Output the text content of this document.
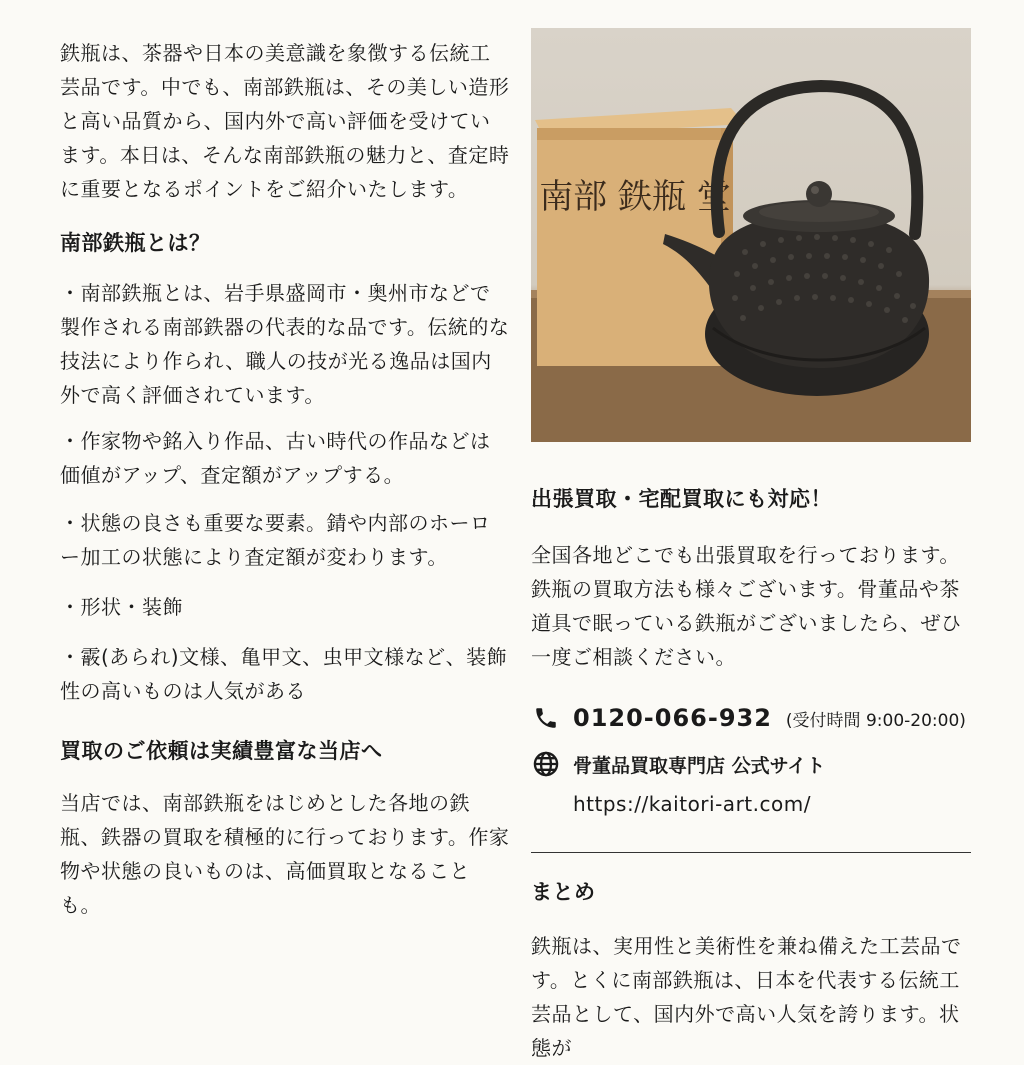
鉄瓶は、茶器や日本の美意識を象徴する伝統工芸品です。中でも、南部鉄瓶は、その美しい造形と高い品質から、国内外で高い評価を受けています。本日は、そんな南部鉄瓶の魅力と、査定時に重要となるポイントをご紹介いたします。

南部鉄瓶とは？

・南部鉄瓶とは、岩手県盛岡市・奥州市などで製作される南部鉄器の代表的な品です。伝統的な技法により作られ、職人の技が光る逸品は国内外で高く評価されています。

・作家物や銘入り作品、古い時代の作品などは価値がアップ、査定額がアップする。

・状態の良さも重要な要素。錆や内部のホーロー加工の状態により査定額が変わります。

・形状・装飾

・霰(あられ)文様、亀甲文、虫甲文様など、装飾性の高いものは人気がある

買取のご依頼は実績豊富な当店へ

当店では、南部鉄瓶をはじめとした各地の鉄瓶、鉄器の買取を積極的に行っております。作家物や状態の良いものは、高価買取となることも。

南部 鉄瓶 堂
出張買取・宅配買取にも対応！

全国各地どこでも出張買取を行っております。鉄瓶の買取方法も様々ございます。骨董品や茶道具で眠っている鉄瓶がございましたら、ぜひ一度ご相談ください。

0120-066-932 (受付時間 9:00-20:00)
骨董品買取専門店 公式サイト
https://kaitori-art.com/
まとめ

鉄瓶は、実用性と美術性を兼ね備えた工芸品です。とくに南部鉄瓶は、日本を代表する伝統工芸品として、国内外で高い人気を誇ります。状態が
